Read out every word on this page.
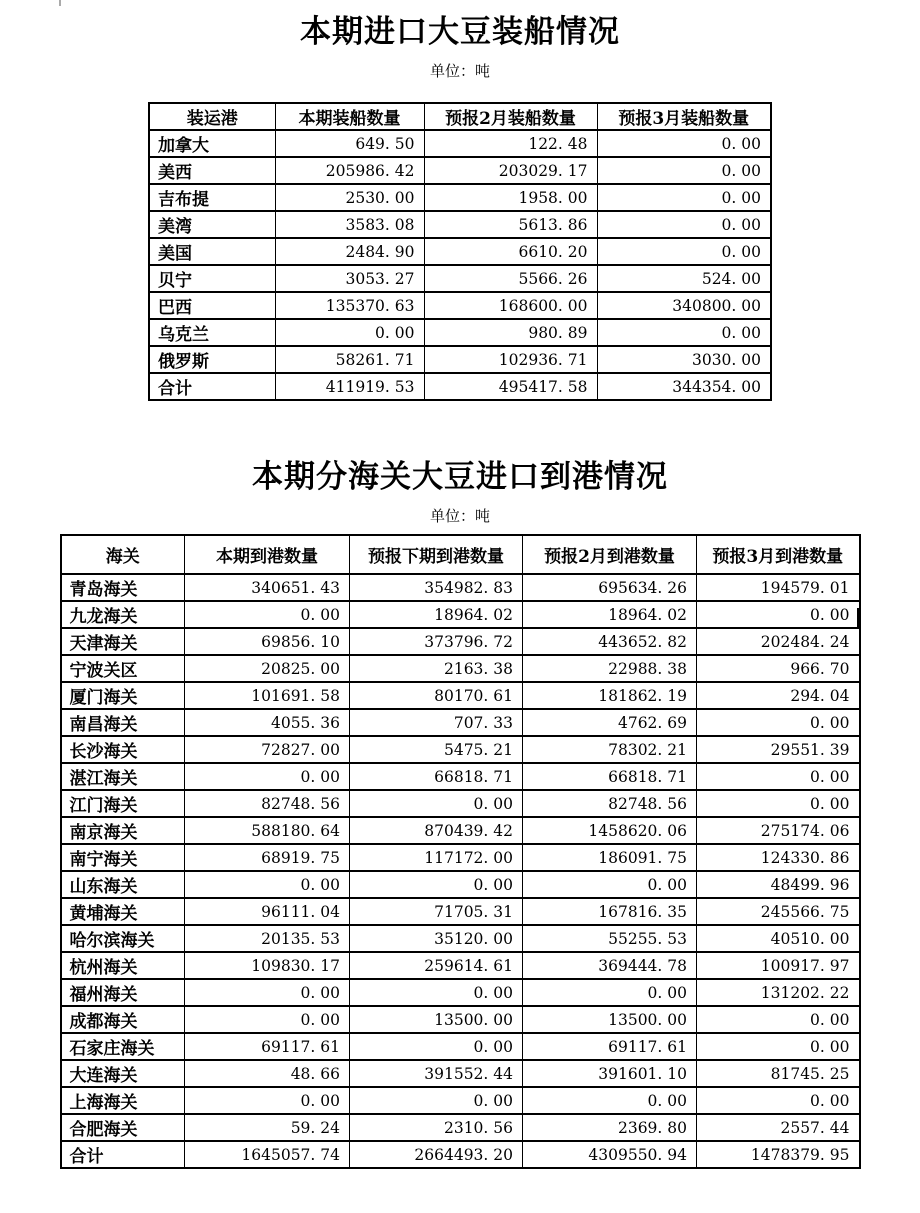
本期进口大豆装船情况
单位：吨
装运港	本期装船数量	预报2月装船数量	预报3月装船数量
加拿大	649. 50	122. 48	0. 00
美西	205986. 42	203029. 17	0. 00
吉布提	2530. 00	1958. 00	0. 00
美湾	3583. 08	5613. 86	0. 00
美国	2484. 90	6610. 20	0. 00
贝宁	3053. 27	5566. 26	524. 00
巴西	135370. 63	168600. 00	340800. 00
乌克兰	0. 00	980. 89	0. 00
俄罗斯	58261. 71	102936. 71	3030. 00
合计	411919. 53	495417. 58	344354. 00
本期分海关大豆进口到港情况
单位：吨
海关	本期到港数量	预报下期到港数量	预报2月到港数量	预报3月到港数量
青岛海关	340651. 43	354982. 83	695634. 26	194579. 01
九龙海关	0. 00	18964. 02	18964. 02	0. 00
天津海关	69856. 10	373796. 72	443652. 82	202484. 24
宁波关区	20825. 00	2163. 38	22988. 38	966. 70
厦门海关	101691. 58	80170. 61	181862. 19	294. 04
南昌海关	4055. 36	707. 33	4762. 69	0. 00
长沙海关	72827. 00	5475. 21	78302. 21	29551. 39
湛江海关	0. 00	66818. 71	66818. 71	0. 00
江门海关	82748. 56	0. 00	82748. 56	0. 00
南京海关	588180. 64	870439. 42	1458620. 06	275174. 06
南宁海关	68919. 75	117172. 00	186091. 75	124330. 86
山东海关	0. 00	0. 00	0. 00	48499. 96
黄埔海关	96111. 04	71705. 31	167816. 35	245566. 75
哈尔滨海关	20135. 53	35120. 00	55255. 53	40510. 00
杭州海关	109830. 17	259614. 61	369444. 78	100917. 97
福州海关	0. 00	0. 00	0. 00	131202. 22
成都海关	0. 00	13500. 00	13500. 00	0. 00
石家庄海关	69117. 61	0. 00	69117. 61	0. 00
大连海关	48. 66	391552. 44	391601. 10	81745. 25
上海海关	0. 00	0. 00	0. 00	0. 00
合肥海关	59. 24	2310. 56	2369. 80	2557. 44
合计	1645057. 74	2664493. 20	4309550. 94	1478379. 95
